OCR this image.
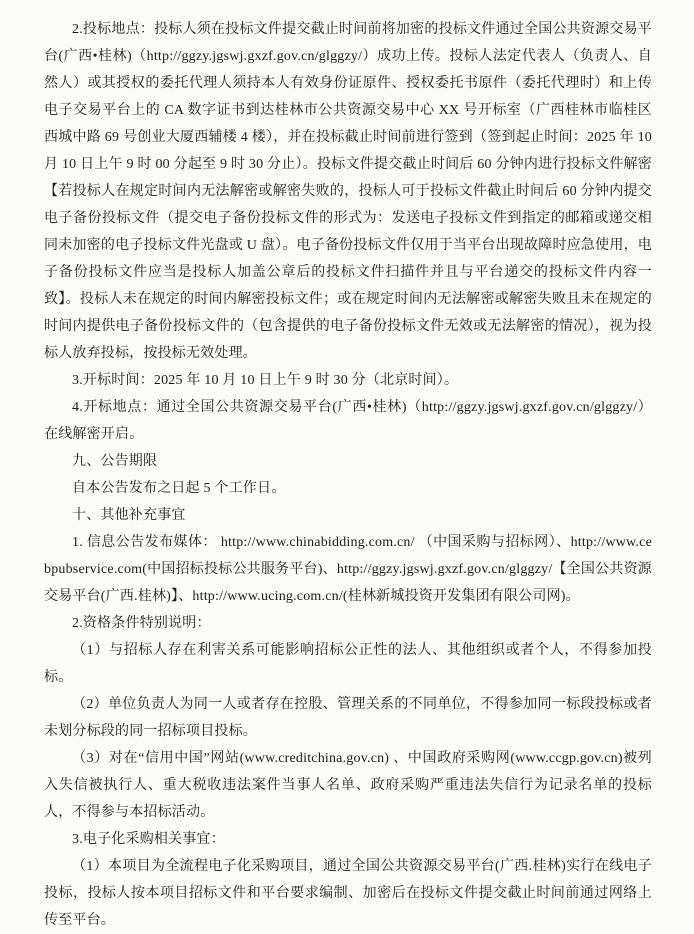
2.投标地点：投标人须在投标文件提交截止时间前将加密的投标文件通过全国公共资源交易平台(广西•桂林)（http://ggzy.jgswj.gxzf.gov.cn/glggzy/）成功上传。投标人法定代表人（负责人、自然人）或其授权的委托代理人须持本人有效身份证原件、授权委托书原件（委托代理时）和上传电子交易平台上的 CA 数字证书到达桂林市公共资源交易中心 XX 号开标室（广西桂林市临桂区西城中路 69 号创业大厦西辅楼 4 楼），并在投标截止时间前进行签到（签到起止时间：2025 年 10 月 10 日上午 9 时 00 分起至 9 时 30 分止）。投标文件提交截止时间后 60 分钟内进行投标文件解密【若投标人在规定时间内无法解密或解密失败的，投标人可于投标文件截止时间后 60 分钟内提交电子备份投标文件（提交电子备份投标文件的形式为：发送电子投标文件到指定的邮箱或递交相同未加密的电子投标文件光盘或 U 盘）。电子备份投标文件仅用于当平台出现故障时应急使用，电子备份投标文件应当是投标人加盖公章后的投标文件扫描件并且与平台递交的投标文件内容一致】。投标人未在规定的时间内解密投标文件；或在规定时间内无法解密或解密失败且未在规定的时间内提供电子备份投标文件的（包含提供的电子备份投标文件无效或无法解密的情况），视为投标人放弃投标，按投标无效处理。

3.开标时间：2025 年 10 月 10 日上午 9 时 30 分（北京时间）。

4.开标地点：通过全国公共资源交易平台(广西•桂林)（http://ggzy.jgswj.gxzf.gov.cn/glggzy/）在线解密开启。

九、公告期限

自本公告发布之日起 5 个工作日。

十、其他补充事宜

1. 信息公告发布媒体： http://www.chinabidding.com.cn/ （中国采购与招标网）、http://www.cebpubservice.com(中国招标投标公共服务平台)、http://ggzy.jgswj.gxzf.gov.cn/glggzy/【全国公共资源交易平台(广西.桂林)】、http://www.ucing.com.cn/(桂林新城投资开发集团有限公司网)。

2.资格条件特别说明：

（1）与招标人存在利害关系可能影响招标公正性的法人、其他组织或者个人，不得参加投标。

（2）单位负责人为同一人或者存在控股、管理关系的不同单位，不得参加同一标段投标或者未划分标段的同一招标项目投标。

（3）对在“信用中国”网站(www.creditchina.gov.cn) 、中国政府采购网(www.ccgp.gov.cn)被列入失信被执行人、重大税收违法案件当事人名单、政府采购严重违法失信行为记录名单的投标人，不得参与本招标活动。

3.电子化采购相关事宜：

（1）本项目为全流程电子化采购项目，通过全国公共资源交易平台(广西.桂林)实行在线电子投标，投标人按本项目招标文件和平台要求编制、加密后在投标文件提交截止时间前通过网络上传至平台。
